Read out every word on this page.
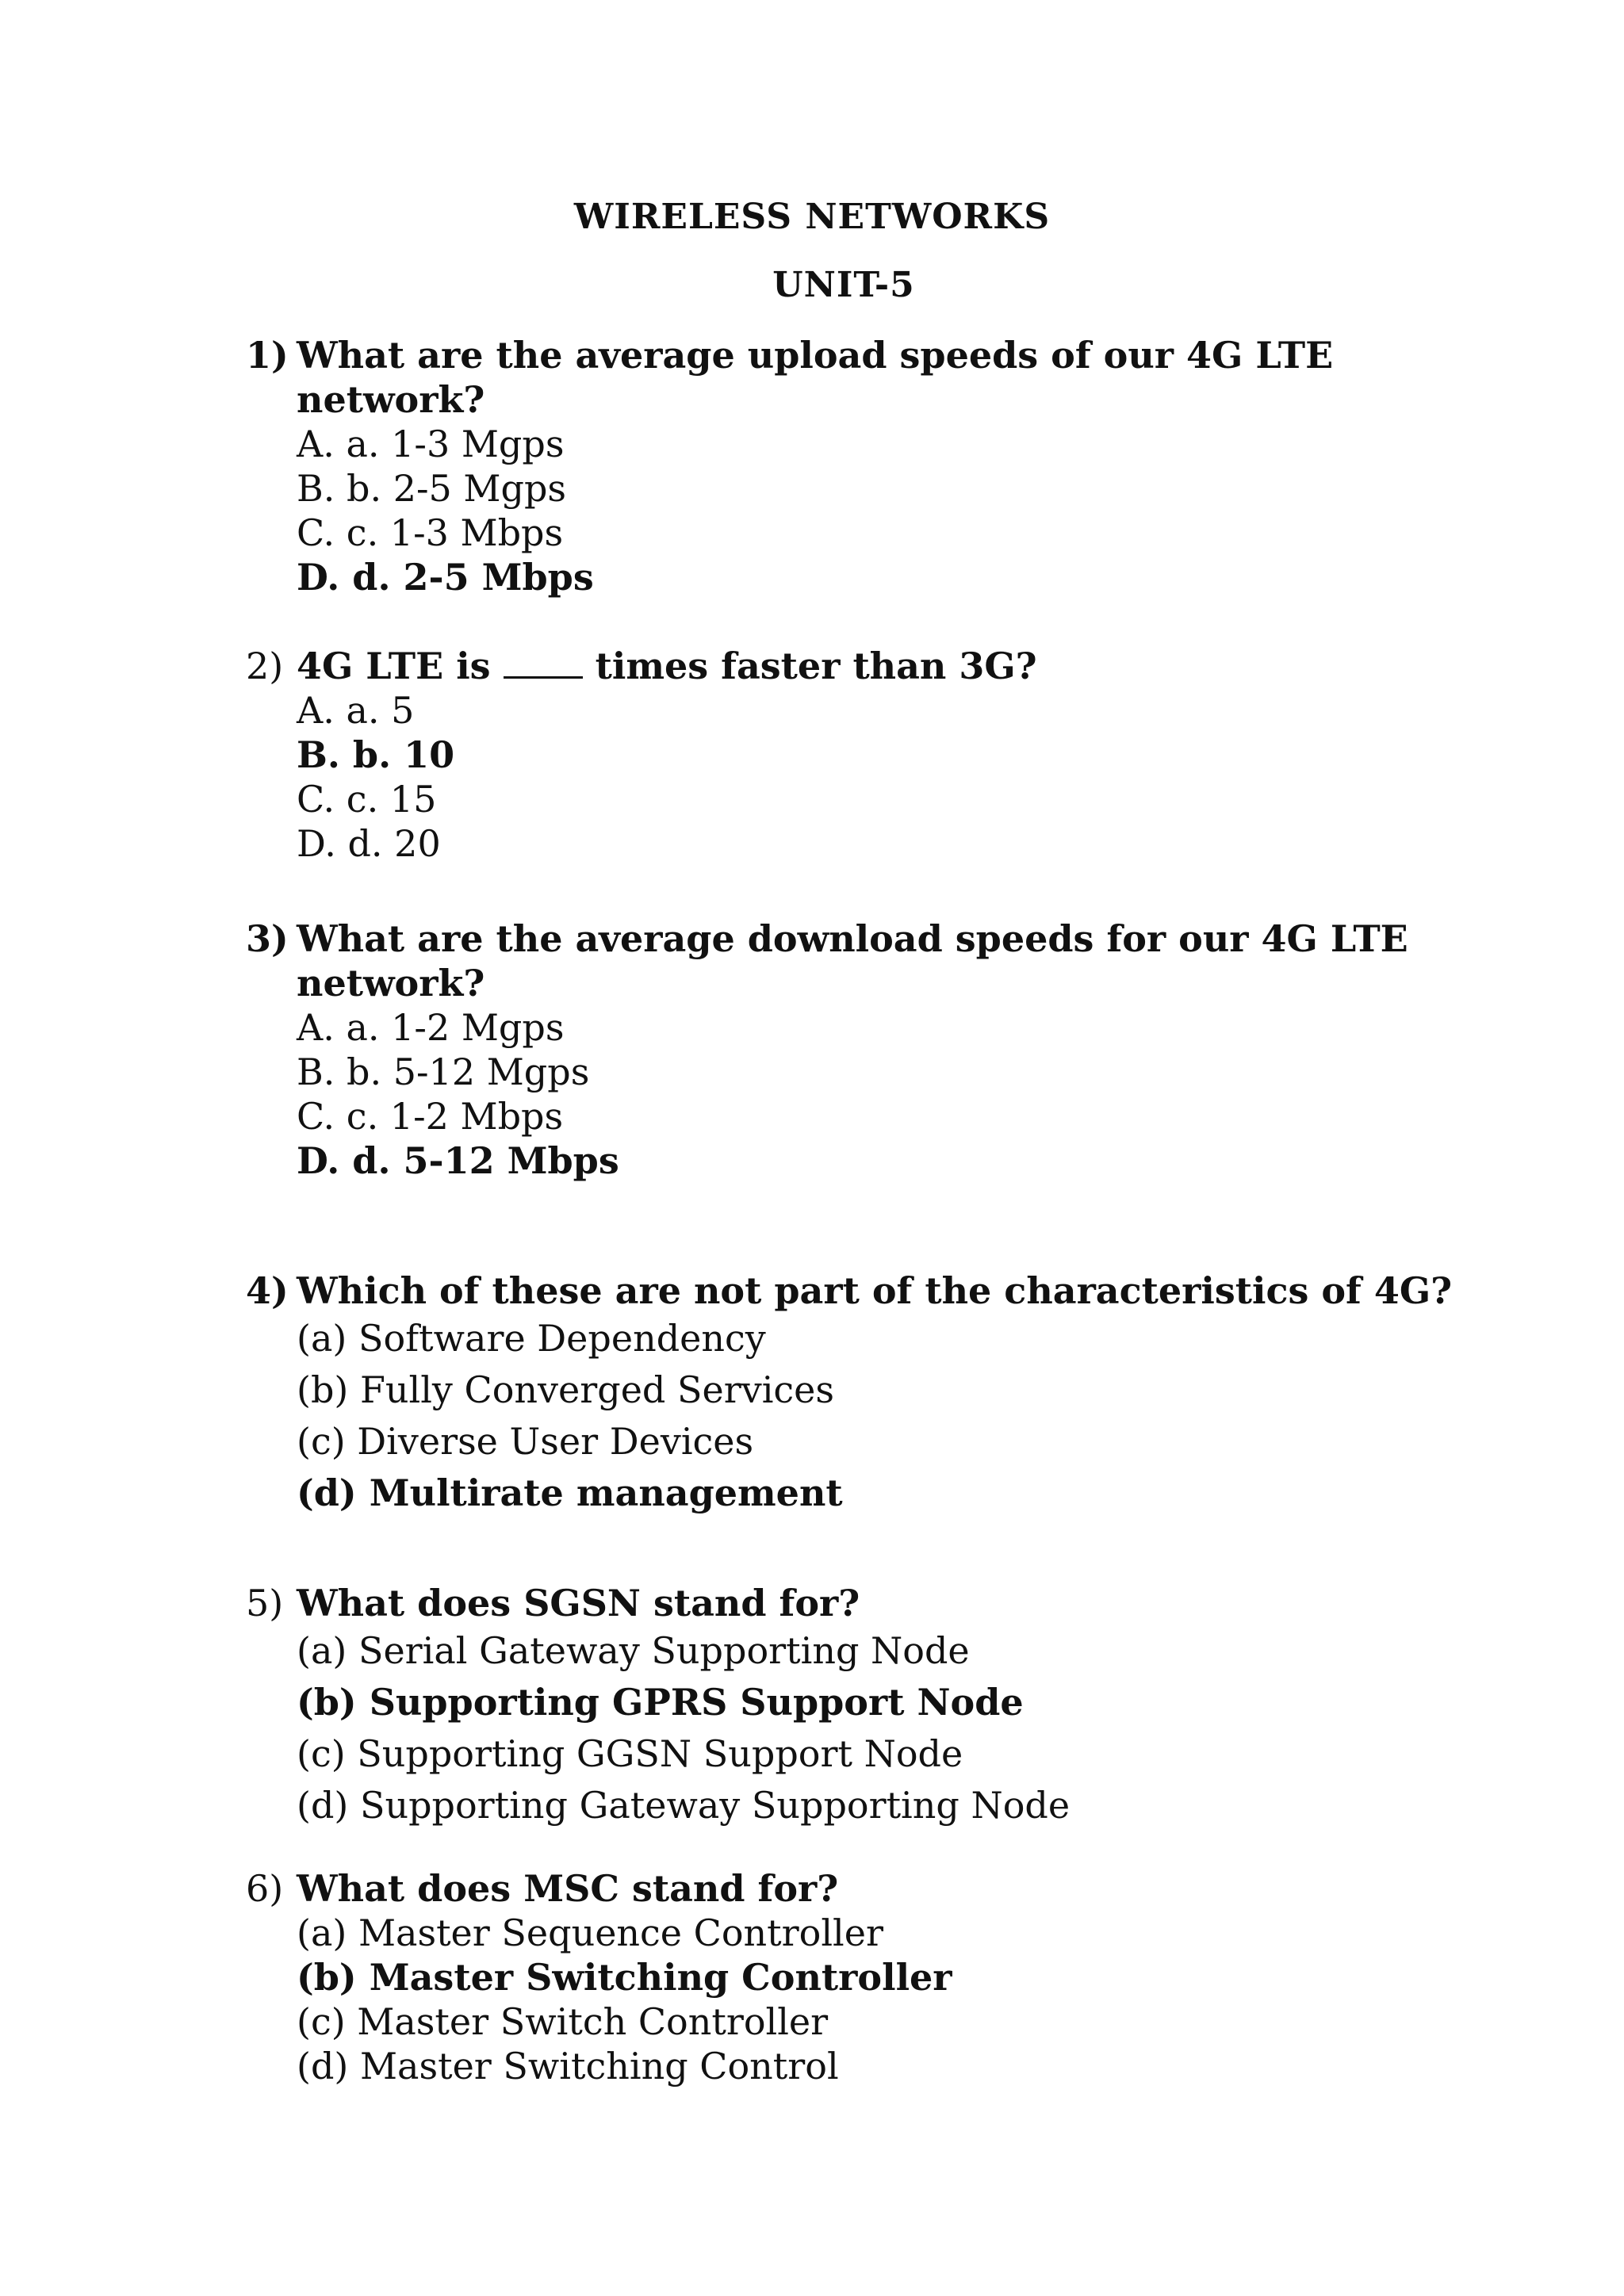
WIRELESS NETWORKS
UNIT-5
1) What are the average upload speeds of our 4G LTE network?
A. a. 1-3 Mgps
B. b. 2-5 Mgps
C. c. 1-3 Mbps
D. d. 2-5 Mbps
2) 4G LTE is  times faster than 3G?
A. a. 5
B. b. 10
C. c. 15
D. d. 20
3) What are the average download speeds for our 4G LTE network?
A. a. 1-2 Mgps
B. b. 5-12 Mgps
C. c. 1-2 Mbps
D. d. 5-12 Mbps
4) Which of these are not part of the characteristics of 4G?
(a) Software Dependency
(b) Fully Converged Services
(c) Diverse User Devices
(d) Multirate management
5) What does SGSN stand for?
(a) Serial Gateway Supporting Node
(b) Supporting GPRS Support Node
(c) Supporting GGSN Support Node
(d) Supporting Gateway Supporting Node
6) What does MSC stand for?
(a) Master Sequence Controller
(b) Master Switching Controller
(c) Master Switch Controller
(d) Master Switching Control
